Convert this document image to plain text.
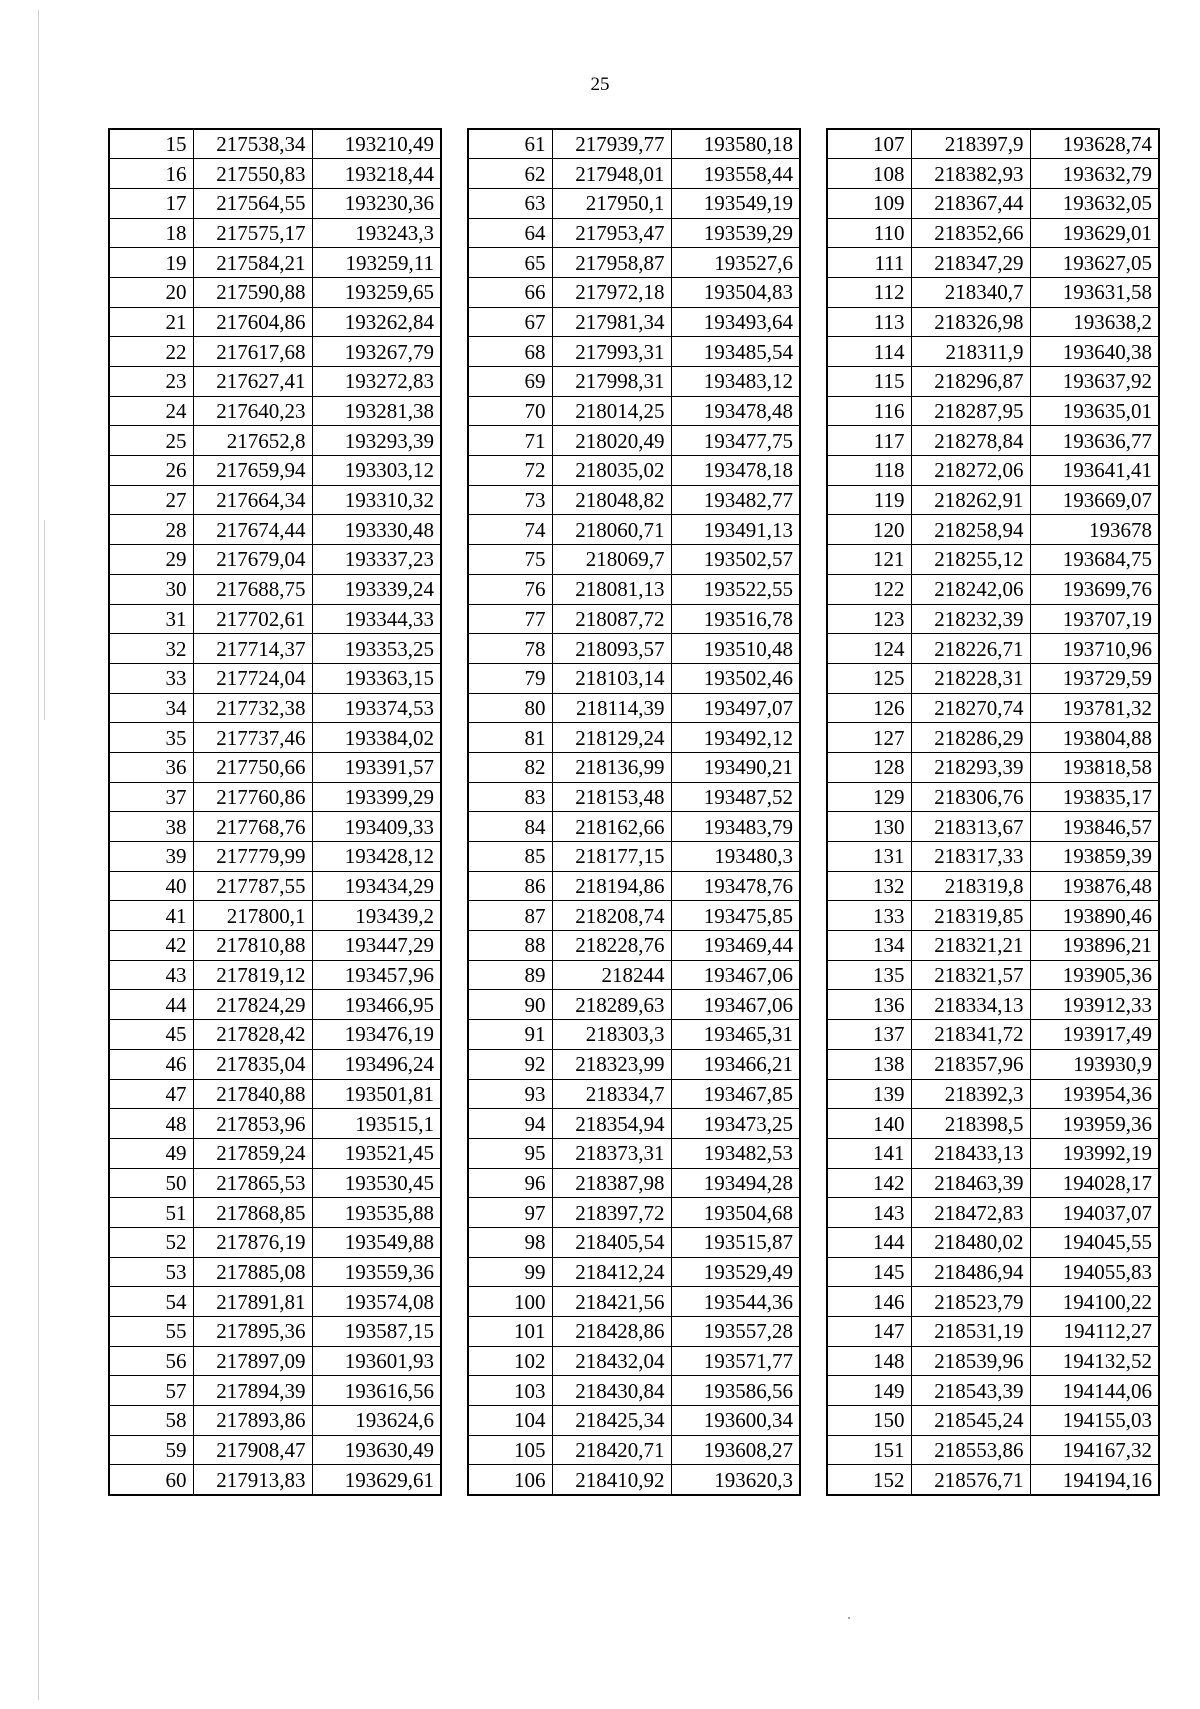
25
15	217538,34	193210,49
16	217550,83	193218,44
17	217564,55	193230,36
18	217575,17	193243,3
19	217584,21	193259,11
20	217590,88	193259,65
21	217604,86	193262,84
22	217617,68	193267,79
23	217627,41	193272,83
24	217640,23	193281,38
25	217652,8	193293,39
26	217659,94	193303,12
27	217664,34	193310,32
28	217674,44	193330,48
29	217679,04	193337,23
30	217688,75	193339,24
31	217702,61	193344,33
32	217714,37	193353,25
33	217724,04	193363,15
34	217732,38	193374,53
35	217737,46	193384,02
36	217750,66	193391,57
37	217760,86	193399,29
38	217768,76	193409,33
39	217779,99	193428,12
40	217787,55	193434,29
41	217800,1	193439,2
42	217810,88	193447,29
43	217819,12	193457,96
44	217824,29	193466,95
45	217828,42	193476,19
46	217835,04	193496,24
47	217840,88	193501,81
48	217853,96	193515,1
49	217859,24	193521,45
50	217865,53	193530,45
51	217868,85	193535,88
52	217876,19	193549,88
53	217885,08	193559,36
54	217891,81	193574,08
55	217895,36	193587,15
56	217897,09	193601,93
57	217894,39	193616,56
58	217893,86	193624,6
59	217908,47	193630,49
60	217913,83	193629,61
61	217939,77	193580,18
62	217948,01	193558,44
63	217950,1	193549,19
64	217953,47	193539,29
65	217958,87	193527,6
66	217972,18	193504,83
67	217981,34	193493,64
68	217993,31	193485,54
69	217998,31	193483,12
70	218014,25	193478,48
71	218020,49	193477,75
72	218035,02	193478,18
73	218048,82	193482,77
74	218060,71	193491,13
75	218069,7	193502,57
76	218081,13	193522,55
77	218087,72	193516,78
78	218093,57	193510,48
79	218103,14	193502,46
80	218114,39	193497,07
81	218129,24	193492,12
82	218136,99	193490,21
83	218153,48	193487,52
84	218162,66	193483,79
85	218177,15	193480,3
86	218194,86	193478,76
87	218208,74	193475,85
88	218228,76	193469,44
89	218244	193467,06
90	218289,63	193467,06
91	218303,3	193465,31
92	218323,99	193466,21
93	218334,7	193467,85
94	218354,94	193473,25
95	218373,31	193482,53
96	218387,98	193494,28
97	218397,72	193504,68
98	218405,54	193515,87
99	218412,24	193529,49
100	218421,56	193544,36
101	218428,86	193557,28
102	218432,04	193571,77
103	218430,84	193586,56
104	218425,34	193600,34
105	218420,71	193608,27
106	218410,92	193620,3
107	218397,9	193628,74
108	218382,93	193632,79
109	218367,44	193632,05
110	218352,66	193629,01
111	218347,29	193627,05
112	218340,7	193631,58
113	218326,98	193638,2
114	218311,9	193640,38
115	218296,87	193637,92
116	218287,95	193635,01
117	218278,84	193636,77
118	218272,06	193641,41
119	218262,91	193669,07
120	218258,94	193678
121	218255,12	193684,75
122	218242,06	193699,76
123	218232,39	193707,19
124	218226,71	193710,96
125	218228,31	193729,59
126	218270,74	193781,32
127	218286,29	193804,88
128	218293,39	193818,58
129	218306,76	193835,17
130	218313,67	193846,57
131	218317,33	193859,39
132	218319,8	193876,48
133	218319,85	193890,46
134	218321,21	193896,21
135	218321,57	193905,36
136	218334,13	193912,33
137	218341,72	193917,49
138	218357,96	193930,9
139	218392,3	193954,36
140	218398,5	193959,36
141	218433,13	193992,19
142	218463,39	194028,17
143	218472,83	194037,07
144	218480,02	194045,55
145	218486,94	194055,83
146	218523,79	194100,22
147	218531,19	194112,27
148	218539,96	194132,52
149	218543,39	194144,06
150	218545,24	194155,03
151	218553,86	194167,32
152	218576,71	194194,16
